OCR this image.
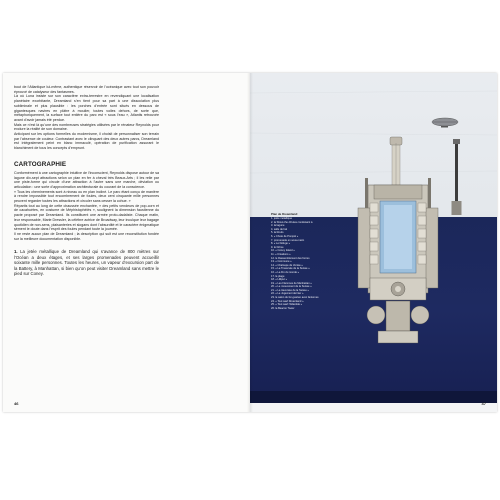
bout de l’Atlantique lui-même, authentique réservoir de l’océanique avec tout son pouvoir éprouvé de catalyseur des fantasmes.

Là où Luna insiste sur son caractère extra-terrestre en revendiquant une localisation planétaire exorbitante, Dreamland s’en tient pour sa part à une dissociation plus subliminale et plus plausible : les porches d’entrée sont situés en dessous de gigantesques navires en plâtre à moulier, toutes voiles dehors, de sorte que, métaphoriquement, la surface tout entière du parc est « sous l’eau », Atlantis retrouvée avant d’avoir jamais été perdue.

Mais ce n’est là qu’une des nombreuses stratégies utilisées par le rénateur Reynolds pour exclure la réalité de son domaine.

Anticipant sur les options formelles du modernisme, il choisit de personnaliser son terrain par l’absence de couleur. Contrastant avec le clinquant des deux autres parcs, Dreamland est intégralement peint en blanc immaculé, opération de purification assurant le blanchiment de tous les concepts d’emprunt.

CARTOGRAPHIE

Conformément à une cartographie intuitive de l’inconscient, Reynolds dispose autour de sa lagune dix-sept attractions selon un plan en fer à cheval très Beaux-Arts ; il les relie par une piste-forme qui circule d’une attraction à l’autre sans une marche, déviation ou articulation : une sorte d’approximation architecturale du courant de la conscience.

« Tous les cheminements sont à niveau ou en plan incliné. Le parc étant conçu de manière à rendre impossible tout encombrement de foules, deux cent cinquante mille personnes peuvent regarder toutes les attractions et circuler sans cesser la cohue. »

Répartis tout au long de cette chaussée enchantée, « des petits vendeurs de pop-corn et de cacahuètes, en costume de Méphistophélès », soulignent la dimension faustienne du pacte proposé par Dreamland. Ils constituent une armée proto-dadaïste. Chaque matin, leur responsable, Marie Dressler, la célèbre actrice de Broadway, leur inculque leur bagage quotidien de non-sens, plaisanteries et slogans dont l’absurdité et le caractère énigmatique sèment le doute dans l’esprit des foules pendant toute la journée.

Il ne reste aucun plan de Dreamland ; la description qui suit est une reconstitution fondée sur la meilleure documentation disponible.

1. La jetée métallique de Dreamland qui s’avance de 800 mètres sur l’Océan a deux étages, et ses larges promenades peuvent accueillir soixante mille personnes. Toutes les heures, un vapeur d’excursion part de la Battery, à Manhattan, si bien qu’on peut visiter Dreamland sans mettre le pied sur Coney.

46
Plan de Dreamland:
1. jetée métallique
2. la Shoot-the-Chutes conduisant à
3. la lagune
4. salle de bal
5. la Roulo
6. « Chute de Pompéi »
7. promenade en sous-marin
8. « Le Déluge »
9. le Dôme
10. « Coney Island »
11. « Créations »
12. le Rassemblement des forces
13. « Commune »
14. « Chaloupe de Venise »
15. « La Traversée de la Suisse »
16. « La Fin du monde »
17. la plage
18. « Lilliput »
19. « Les Flammes de Manhattan »
20. « Le mouvement de la Suisse »
21. « La traversée de la Suisse »
22. « Le Jugement dernier »
23. le salon du fer-guarwo avec fantomes
24. « Tout sauf Dreamland »
25. « Tout sauf l’Atlantide »
26. la Beacon Tower
47
